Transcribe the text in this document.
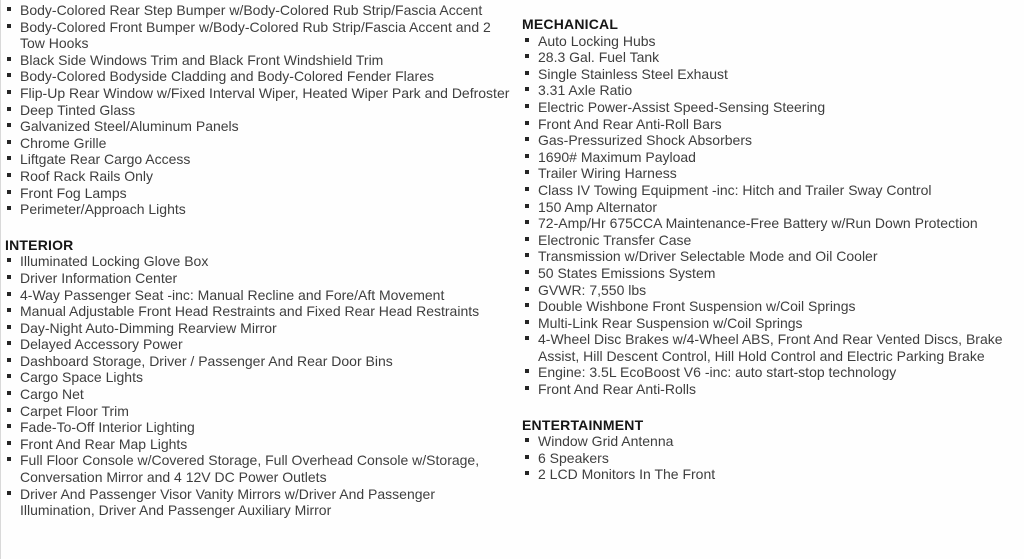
Body-Colored Rear Step Bumper w/Body-Colored Rub Strip/Fascia Accent
Body-Colored Front Bumper w/Body-Colored Rub Strip/Fascia Accent and 2 Tow Hooks
Black Side Windows Trim and Black Front Windshield Trim
Body-Colored Bodyside Cladding and Body-Colored Fender Flares
Flip-Up Rear Window w/Fixed Interval Wiper, Heated Wiper Park and Defroster
Deep Tinted Glass
Galvanized Steel/Aluminum Panels
Chrome Grille
Liftgate Rear Cargo Access
Roof Rack Rails Only
Front Fog Lamps
Perimeter/Approach Lights
INTERIOR
Illuminated Locking Glove Box
Driver Information Center
4-Way Passenger Seat -inc: Manual Recline and Fore/Aft Movement
Manual Adjustable Front Head Restraints and Fixed Rear Head Restraints
Day-Night Auto-Dimming Rearview Mirror
Delayed Accessory Power
Dashboard Storage, Driver / Passenger And Rear Door Bins
Cargo Space Lights
Cargo Net
Carpet Floor Trim
Fade-To-Off Interior Lighting
Front And Rear Map Lights
Full Floor Console w/Covered Storage, Full Overhead Console w/Storage, Conversation Mirror and 4 12V DC Power Outlets
Driver And Passenger Visor Vanity Mirrors w/Driver And Passenger Illumination, Driver And Passenger Auxiliary Mirror
MECHANICAL
Auto Locking Hubs
28.3 Gal. Fuel Tank
Single Stainless Steel Exhaust
3.31 Axle Ratio
Electric Power-Assist Speed-Sensing Steering
Front And Rear Anti-Roll Bars
Gas-Pressurized Shock Absorbers
1690# Maximum Payload
Trailer Wiring Harness
Class IV Towing Equipment -inc: Hitch and Trailer Sway Control
150 Amp Alternator
72-Amp/Hr 675CCA Maintenance-Free Battery w/Run Down Protection
Electronic Transfer Case
Transmission w/Driver Selectable Mode and Oil Cooler
50 States Emissions System
GVWR: 7,550 lbs
Double Wishbone Front Suspension w/Coil Springs
Multi-Link Rear Suspension w/Coil Springs
4-Wheel Disc Brakes w/4-Wheel ABS, Front And Rear Vented Discs, Brake Assist, Hill Descent Control, Hill Hold Control and Electric Parking Brake
Engine: 3.5L EcoBoost V6 -inc: auto start-stop technology
Front And Rear Anti-Rolls
ENTERTAINMENT
Window Grid Antenna
6 Speakers
2 LCD Monitors In The Front
